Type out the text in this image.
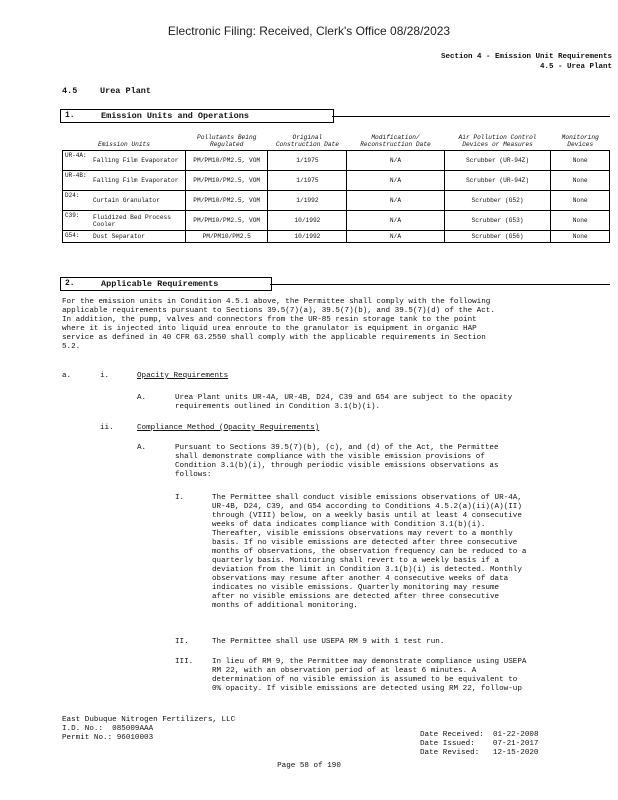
Electronic Filing: Received, Clerk's Office 08/28/2023
Section 4 - Emission Unit Requirements
4.5 - Urea Plant
4.5	Urea Plant
1.	Emission Units and Operations
Emission Units		Pollutants Being Regulated	Original Construction Date	Modification/ Reconstruction Date	Air Pollution Control Devices or Measures	Monitoring Devices
UR-4A:	Falling Film Evaporator	PM/PM10/PM2.5, VOM	1/1975	N/A	Scrubber (UR-94Z)	None
UR-4B:	Falling Film Evaporator	PM/PM10/PM2.5, VOM	1/1975	N/A	Scrubber (UR-94Z)	None
D24:	Curtain Granulator	PM/PM10/PM2.5, VOM	1/1992	N/A	Scrubber (G52)	None
C39:	Fluidized Bed Process Cooler	PM/PM10/PM2.5, VOM	10/1992	N/A	Scrubber (G53)	None
G54:	Dust Separator	PM/PM10/PM2.5	10/1992	N/A	Scrubber (G56)	None
2.	Applicable Requirements
For the emission units in Condition 4.5.1 above, the Permittee shall comply with the following
applicable requirements pursuant to Sections 39.5(7)(a), 39.5(7)(b), and 39.5(7)(d) of the Act.
In addition, the pump, valves and connectors from the UR-85 resin storage tank to the point
where it is injected into liquid urea enroute to the granulator is equipment in organic HAP
service as defined in 40 CFR 63.2550 shall comply with the applicable requirements in Section
5.2.
a.	i.	Opacity Requirements
A.	Urea Plant units UR-4A, UR-4B, D24, C39 and G54 are subject to the opacity
requirements outlined in Condition 3.1(b)(i).
ii.	Compliance Method (Opacity Requirements)
A.	Pursuant to Sections 39.5(7)(b), (c), and (d) of the Act, the Permittee
shall demonstrate compliance with the visible emission provisions of
Condition 3.1(b)(i), through periodic visible emissions observations as
follows:
I.	The Permittee shall conduct visible emissions observations of UR-4A,
UR-4B, D24, C39, and G54 according to Conditions 4.5.2(a)(ii)(A)(II)
through (VIII) below, on a weekly basis until at least 4 consecutive
weeks of data indicates compliance with Condition 3.1(b)(i).
Thereafter, visible emissions observations may revert to a monthly
basis. If no visible emissions are detected after three consecutive
months of observations, the observation frequency can be reduced to a
quarterly basis. Monitoring shall revert to a weekly basis if a
deviation from the limit in Condition 3.1(b)(i) is detected. Monthly
observations may resume after another 4 consecutive weeks of data
indicates no visible emissions. Quarterly monitoring may resume
after no visible emissions are detected after three consecutive
months of additional monitoring.
II.	The Permittee shall use USEPA RM 9 with 1 test run.
III. In lieu of RM 9, the Permittee may demonstrate compliance using USEPA
RM 22, with an observation period of at least 6 minutes. A
determination of no visible emission is assumed to be equivalent to
0% opacity. If visible emissions are detected using RM 22, follow-up
East Dubuque Nitrogen Fertilizers, LLC
I.D. No.: 085009AAA
Permit No.: 96010003	Date Received: 01-22-2008
Date Issued: 07-21-2017
Date Revised: 12-15-2020
Page 58 of 190
